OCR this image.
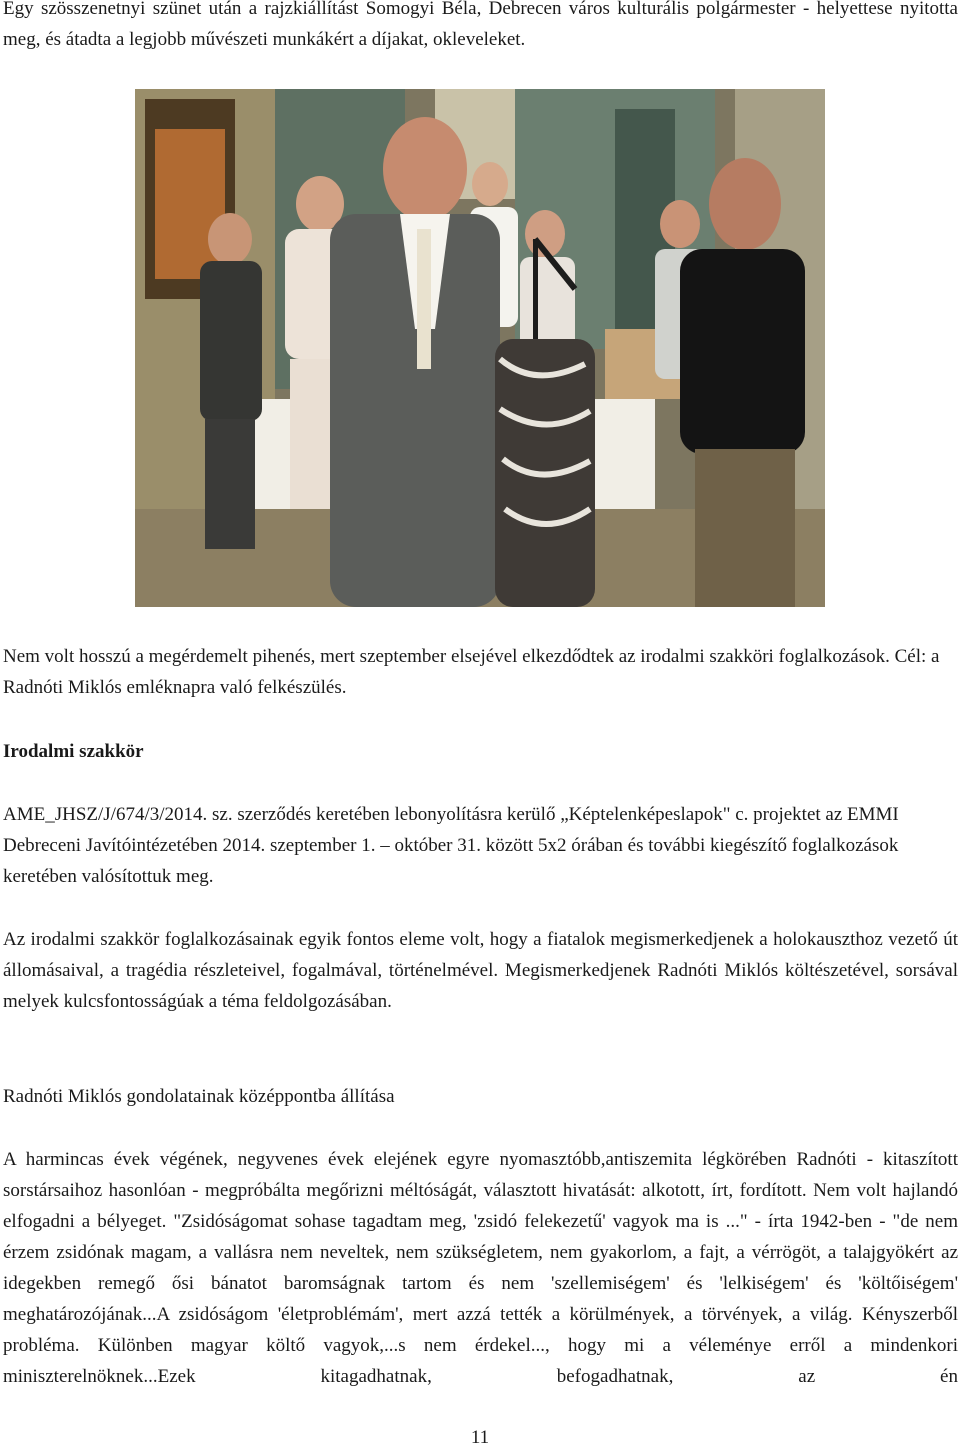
Egy szösszenetnyi szünet után a rajzkiállítást Somogyi Béla, Debrecen város kulturális polgármester - helyettese nyitotta meg, és átadta a legjobb művészeti munkákért a díjakat, okleveleket.

Nem volt hosszú a megérdemelt pihenés, mert szeptember elsejével elkezdődtek az irodalmi szakköri foglalkozások. Cél: a Radnóti Miklós emléknapra való felkészülés.

Irodalmi szakkör

AME_JHSZ/J/674/3/2014. sz. szerződés keretében lebonyolításra kerülő „Képtelenképeslapok" c. projektet az EMMI Debreceni Javítóintézetében 2014. szeptember 1. – október 31. között 5x2 órában és további kiegészítő foglalkozások keretében valósítottuk meg.

Az irodalmi szakkör foglalkozásainak egyik fontos eleme volt, hogy a fiatalok megismerkedjenek a holokauszthoz vezető út állomásaival, a tragédia részleteivel, fogalmával, történelmével. Megismerkedjenek Radnóti Miklós költészetével, sorsával melyek kulcsfontosságúak a téma feldolgozásában.

Radnóti Miklós gondolatainak középpontba állítása

A harmincas évek végének, negyvenes évek elejének egyre nyomasztóbb,antiszemita légkörében Radnóti - kitaszított sorstársaihoz hasonlóan - megpróbálta megőrizni méltóságát, választott hivatását: alkotott, írt, fordított. Nem volt hajlandó elfogadni a bélyeget. "Zsidóságomat sohase tagadtam meg, 'zsidó felekezetű' vagyok ma is ..." - írta 1942-ben - "de nem érzem zsidónak magam, a vallásra nem neveltek, nem szükségletem, nem gyakorlom, a fajt, a vérrögöt, a talajgyökért az idegekben remegő ősi bánatot baromságnak tartom és nem 'szellemiségem' és 'lelkiségem' és 'költőiségem' meghatározójának...A zsidóságom 'életproblémám', mert azzá tették a körülmények, a törvények, a világ. Kényszerből probléma. Különben magyar költő vagyok,...s nem érdekel..., hogy mi a véleménye erről a mindenkori miniszterelnöknek...Ezek kitagadhatnak, befogadhatnak, az én

11
